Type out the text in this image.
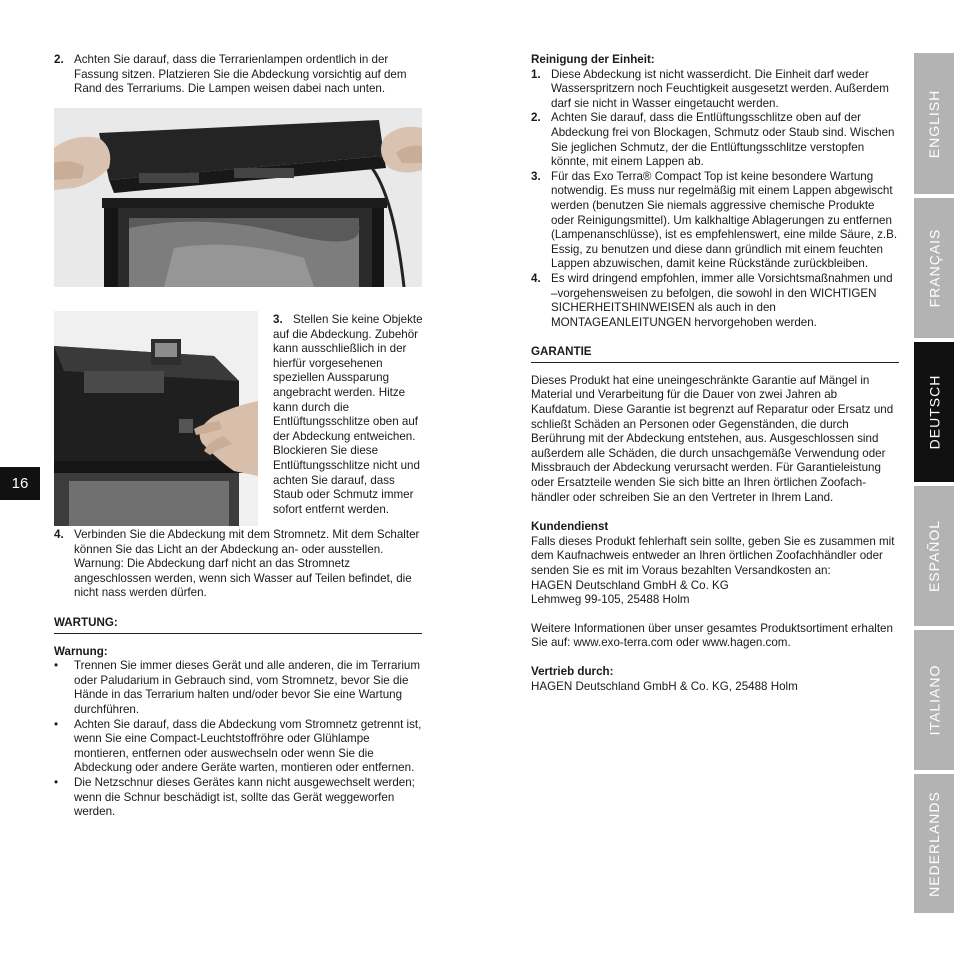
2. Achten Sie darauf, dass die Terrarienlampen ordentlich in der Fassung sitzen. Platzieren Sie die Abdeckung vorsichtig auf dem Rand des Terrariums. Die Lampen weisen dabei nach unten.
3. Stellen Sie keine Objekte auf die Abdeckung. Zubehör kann ausschließlich in der hierfür vorgesehenen speziellen Aussparung angebracht werden. Hitze kann durch die Entlüftungsschlitze oben auf der Abdeckung entweichen. Blockieren Sie diese Entlüftungsschlitze nicht und achten Sie darauf, dass Staub oder Schmutz immer sofort entfernt werden.
4. Verbinden Sie die Abdeckung mit dem Stromnetz. Mit dem Schalter können Sie das Licht an der Abdeckung an- oder ausstellen. Warnung: Die Abdeckung darf nicht an das Stromnetz angeschlossen werden, wenn sich Wasser auf Teilen befindet, die nicht nass werden dürfen.

WARTUNG:

Warnung:

•	Trennen Sie immer dieses Gerät und alle anderen, die im Terrarium oder Paludarium in Gebrauch sind, vom Stromnetz, bevor Sie die Hände in das Terrarium halten und/oder bevor Sie eine Wartung durchführen.
•	Achten Sie darauf, dass die Abdeckung vom Stromnetz getrennt ist, wenn Sie eine Compact-Leuchtstoffröhre oder Glühlampe montieren, entfernen oder auswechseln oder wenn Sie die Abdeckung oder andere Geräte warten, montieren oder entfernen.
•	Die Netzschnur dieses Gerätes kann nicht ausgewechselt werden; wenn die Schnur beschädigt ist, sollte das Gerät weggeworfen werden.

Reinigung der Einheit:

1. Diese Abdeckung ist nicht wasserdicht. Die Einheit darf weder Wasserspritzern noch Feuchtigkeit ausgesetzt werden. Außerdem darf sie nicht in Wasser eingetaucht werden.
2. Achten Sie darauf, dass die Entlüftungsschlitze oben auf der Abdeckung frei von Blockagen, Schmutz oder Staub sind. Wischen Sie jeglichen Schmutz, der die Entlüftungsschlitze verstopfen könnte, mit einem Lappen ab.
3. Für das Exo Terra® Compact Top ist keine besondere Wartung notwendig. Es muss nur regelmäßig mit einem Lappen abgewischt werden (benutzen Sie niemals aggressive chemische Produkte oder Reinigungsmittel). Um kalkhaltige Ablagerungen zu entfernen (Lampenanschlüsse), ist es empfehlenswert, eine milde Säure, z.B. Essig, zu benutzen und diese dann gründlich mit einem feuchten Lappen abzuwischen, damit keine Rückstände zurückbleiben.
4. Es wird dringend empfohlen, immer alle Vorsichtsmaßnahmen und –vorgehensweisen zu befolgen, die sowohl in den WICHTIGEN SICHERHEITSHINWEISEN als auch in den MONTAGEANLEITUNGEN hervorgehoben werden.

GARANTIE

Dieses Produkt hat eine uneingeschränkte Garantie auf Mängel in Material und Verarbeitung für die Dauer von zwei Jahren ab Kaufdatum. Diese Garantie ist begrenzt auf Reparatur oder Ersatz und schließt Schäden an Personen oder Gegenständen, die durch Berührung mit der Abdeckung entstehen, aus. Ausgeschlossen sind außerdem alle Schäden, die durch unsachgemäße Verwendung oder Missbrauch der Abdeckung verursacht werden. Für Garantieleistung oder Ersatzteile wenden Sie sich bitte an Ihren örtlichen Zoofach-händler oder schreiben Sie an den Vertreter in Ihrem Land.

Kundendienst

Falls dieses Produkt fehlerhaft sein sollte, geben Sie es zusammen mit dem Kaufnachweis entweder an Ihren örtlichen Zoofachhändler oder senden Sie es mit im Voraus bezahlten Versandkosten an:

HAGEN Deutschland GmbH & Co. KG

Lehmweg 99-105, 25488 Holm

Weitere Informationen über unser gesamtes Produktsortiment erhalten Sie auf: www.exo-terra.com oder www.hagen.com.

Vertrieb durch:

HAGEN Deutschland GmbH & Co. KG, 25488 Holm

16
ENGLISH
FRANÇAIS
DEUTSCH
ESPAÑOL
ITALIANO
NEDERLANDS
